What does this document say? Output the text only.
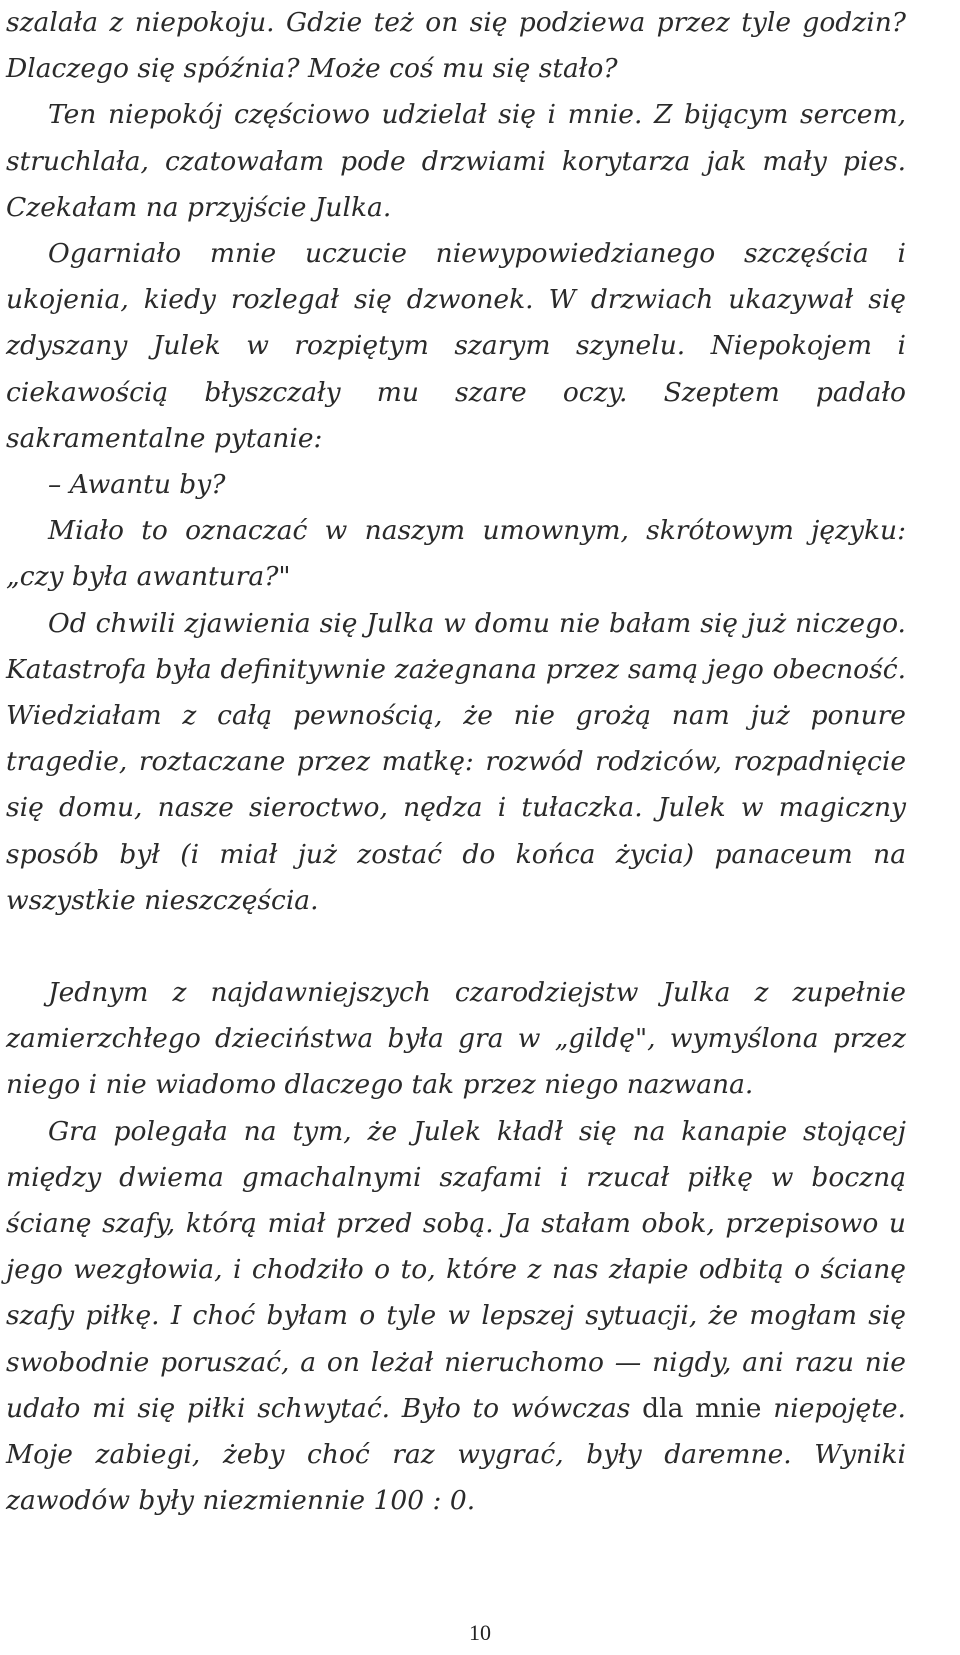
szalała z niepokoju. Gdzie też on się podziewa przez tyle godzin? Dlaczego się spóźnia? Może coś mu się stało?

Ten niepokój częściowo udzielał się i mnie. Z bijącym sercem, struchlała, czatowałam pode drzwiami korytarza jak mały pies. Czekałam na przyjście Julka.

Ogarniało mnie uczucie niewypowiedzianego szczęścia i ukojenia, kiedy rozlegał się dzwonek. W drzwiach ukazywał się zdyszany Julek w rozpiętym szarym szynelu. Niepokojem i ciekawością błyszczały mu szare oczy. Szeptem padało sakramentalne pytanie:

– Awantu by?

Miało to oznaczać w naszym umownym, skrótowym języku: „czy była awantura?"

Od chwili zjawienia się Julka w domu nie bałam się już niczego. Katastrofa była definitywnie zażegnana przez samą jego obecność. Wiedziałam z całą pewnością, że nie grożą nam już ponure tragedie, roztaczane przez matkę: rozwód rodziców, rozpadnięcie się domu, nasze sieroctwo, nędza i tułaczka. Julek w magiczny sposób był (i miał już zostać do końca życia) panaceum na wszystkie nieszczęścia.

Jednym z najdawniejszych czarodziejstw Julka z zupełnie zamierzchłego dzieciństwa była gra w „gildę", wymyślona przez niego i nie wiadomo dlaczego tak przez niego nazwana.

Gra polegała na tym, że Julek kładł się na kanapie stojącej między dwiema gmachalnymi szafami i rzucał piłkę w boczną ścianę szafy, którą miał przed sobą. Ja stałam obok, przepisowo u jego wezgłowia, i chodziło o to, które z nas złapie odbitą o ścianę szafy piłkę. I choć byłam o tyle w lepszej sytuacji, że mogłam się swobodnie poruszać, a on leżał nieruchomo — nigdy, ani razu nie udało mi się piłki schwytać. Było to wówczas dla mnie niepojęte. Moje zabiegi, żeby choć raz wygrać, były daremne. Wyniki zawodów były niezmiennie 100 : 0.

10
